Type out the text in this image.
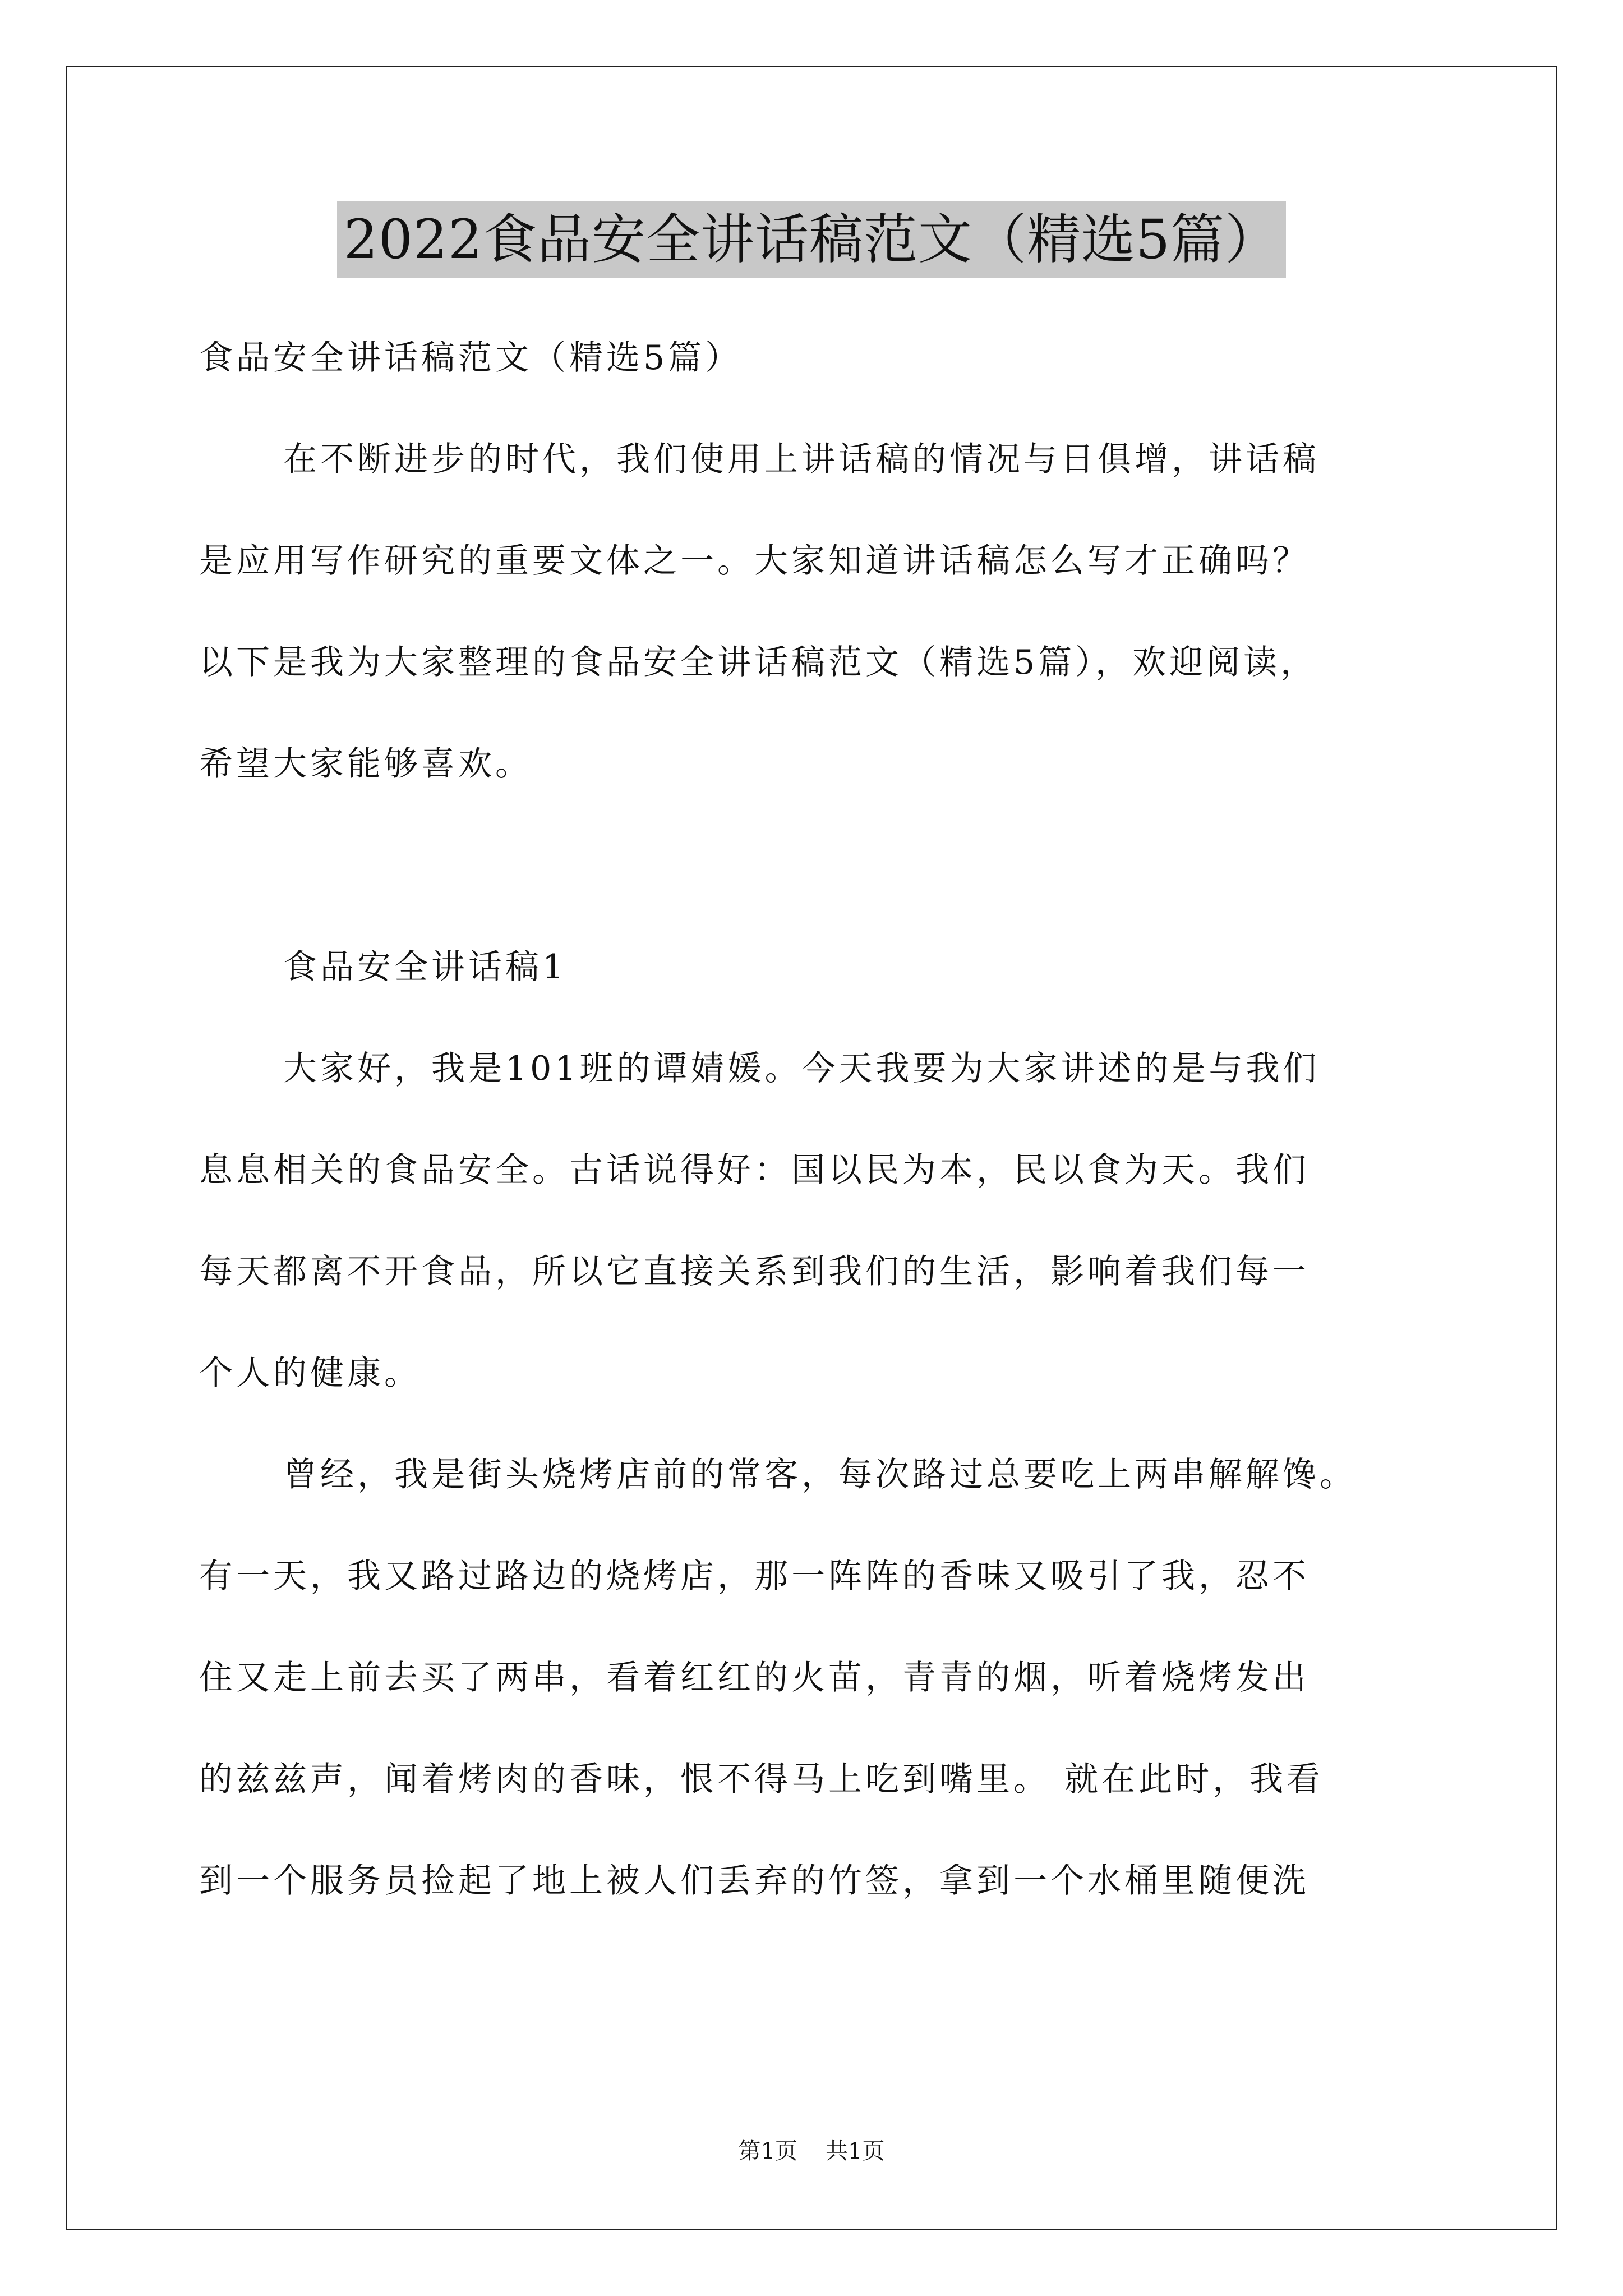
2022食品安全讲话稿范文（精选5篇）
食品安全讲话稿范文（精选5篇）
在不断进步的时代，我们使用上讲话稿的情况与日俱增，讲话稿
是应用写作研究的重要文体之一。大家知道讲话稿怎么写才正确吗？
以下是我为大家整理的食品安全讲话稿范文（精选5篇），欢迎阅读，
希望大家能够喜欢。
食品安全讲话稿1
大家好，我是101班的谭婧媛。今天我要为大家讲述的是与我们
息息相关的食品安全。古话说得好：国以民为本，民以食为天。我们
每天都离不开食品，所以它直接关系到我们的生活，影响着我们每一
个人的健康。
曾经，我是街头烧烤店前的常客，每次路过总要吃上两串解解馋。
有一天，我又路过路边的烧烤店，那一阵阵的香味又吸引了我，忍不
住又走上前去买了两串，看着红红的火苗，青青的烟，听着烧烤发出
的兹兹声，闻着烤肉的香味，恨不得马上吃到嘴里。 就在此时，我看
到一个服务员捡起了地上被人们丢弃的竹签，拿到一个水桶里随便洗
第1页 共1页
